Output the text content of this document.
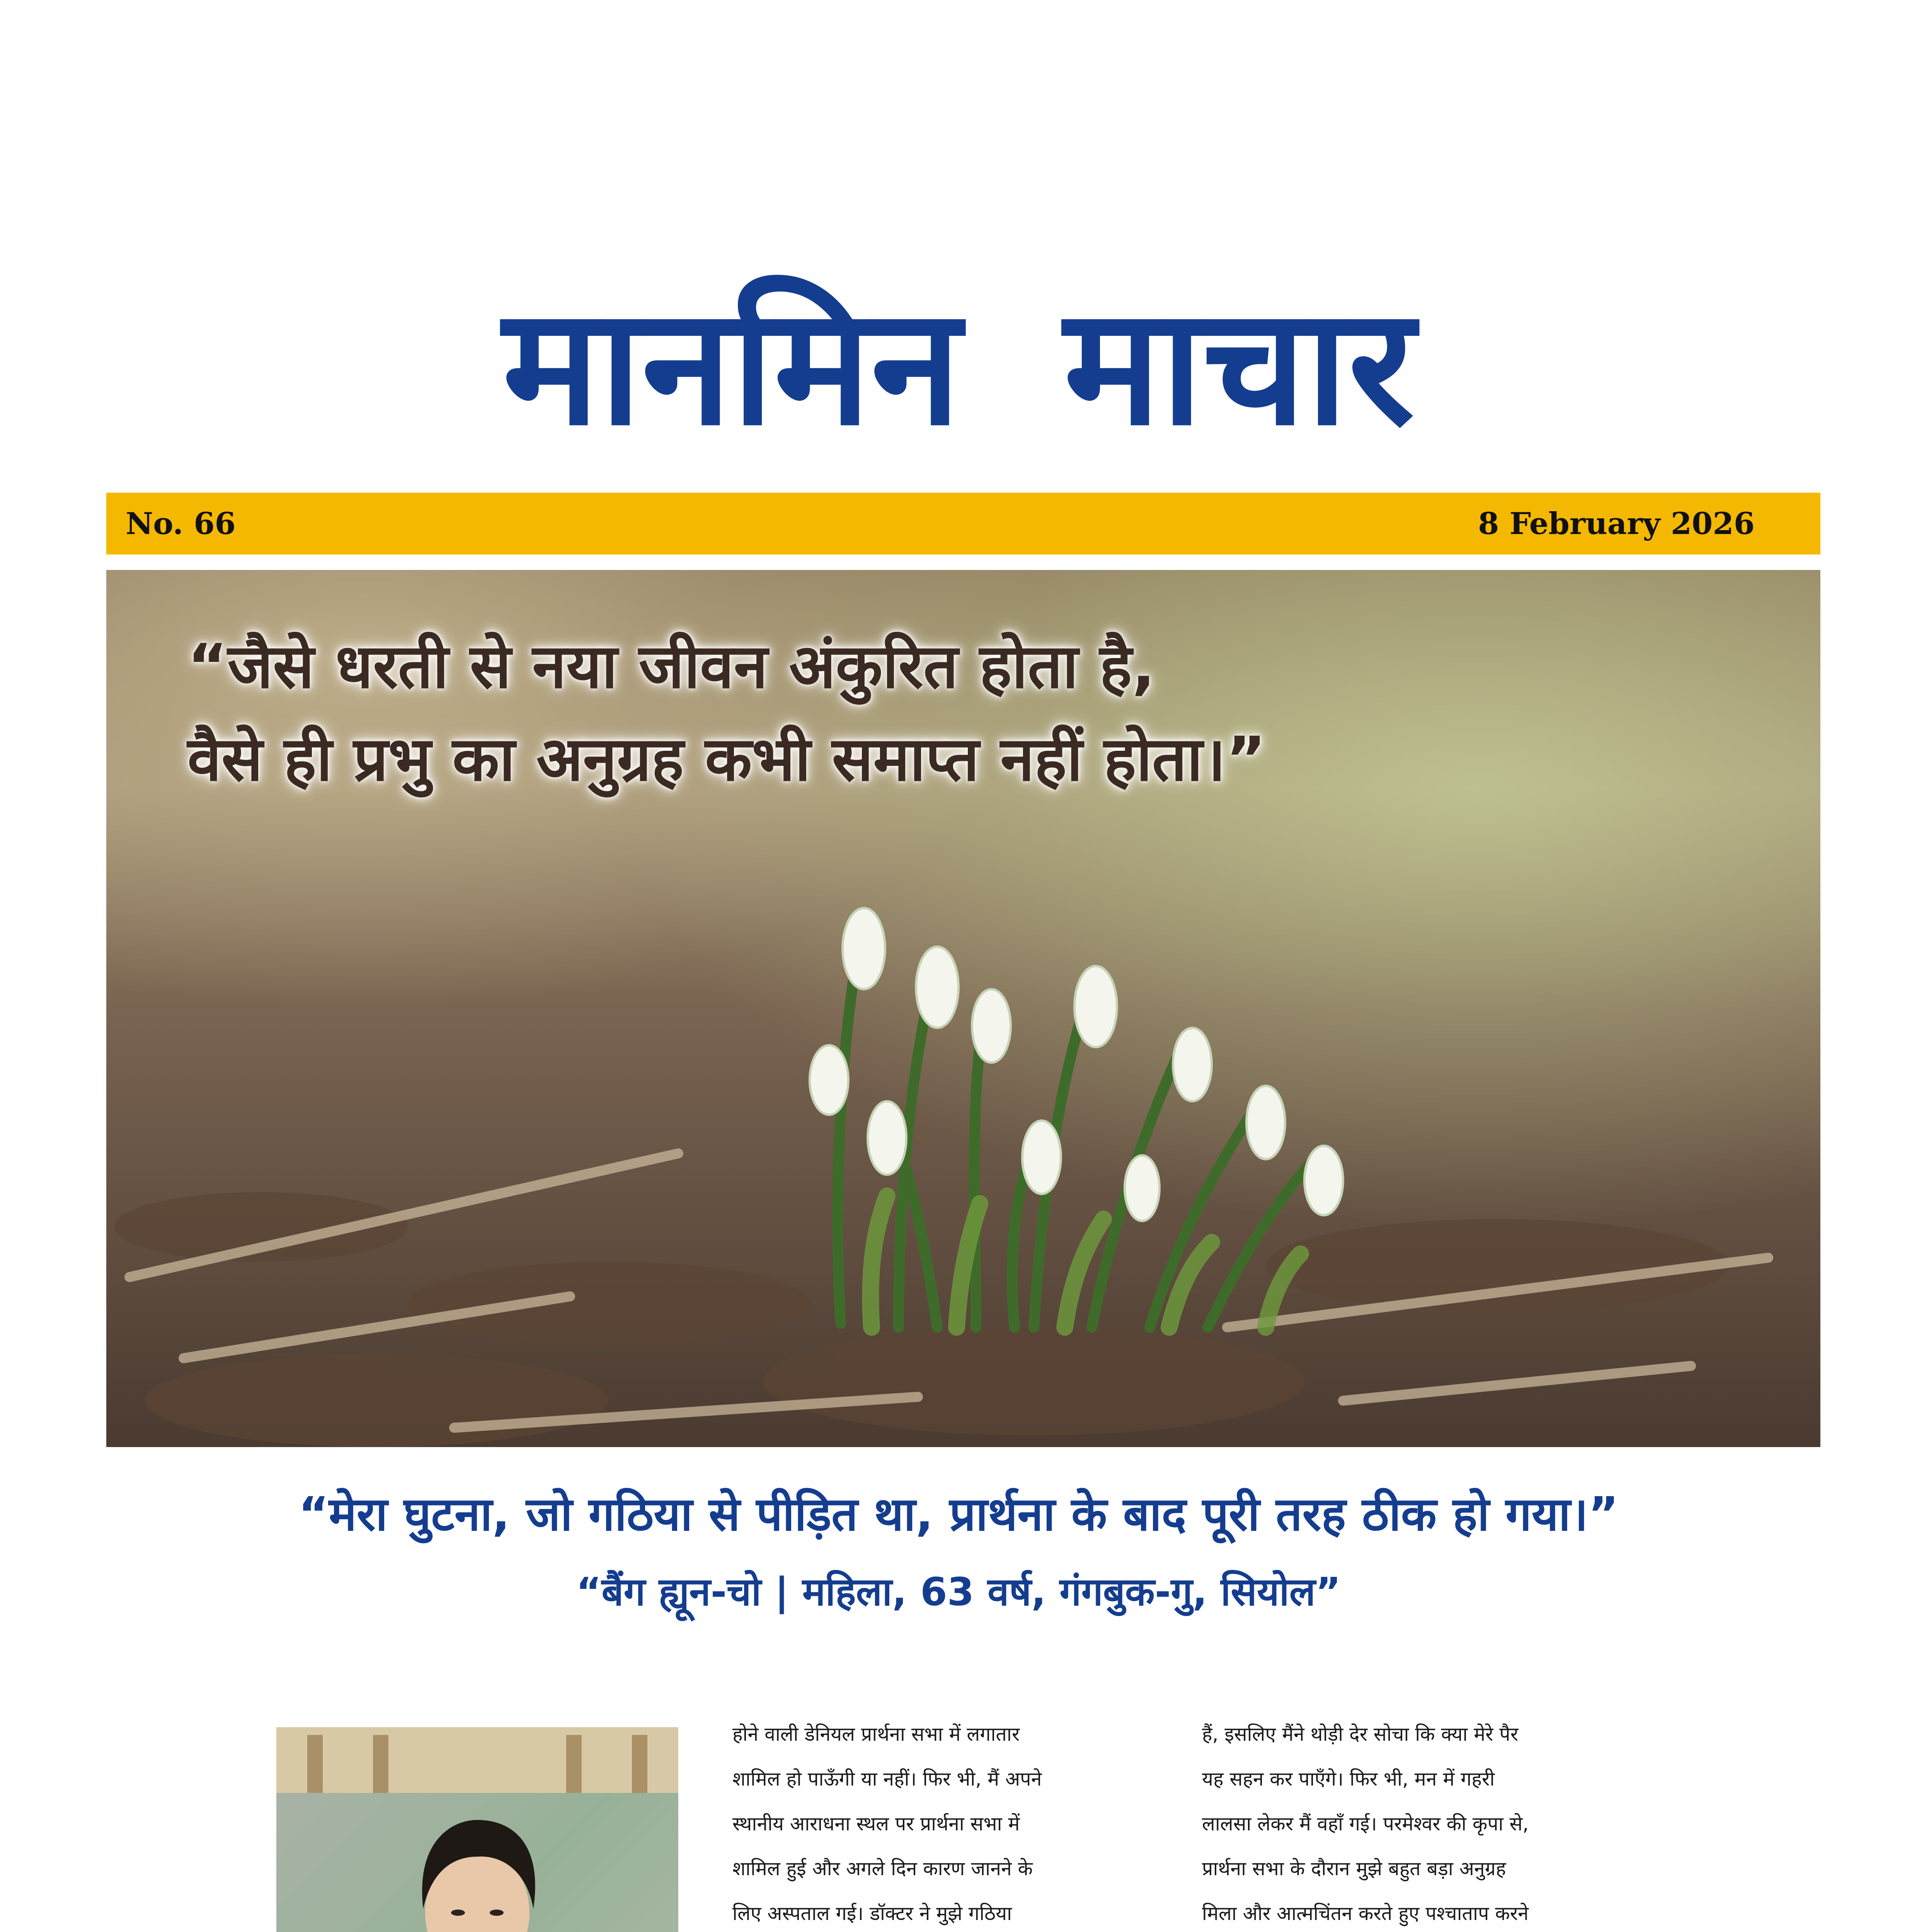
मानमिन माचार
No. 66	8 February 2026
“जैसे धरती से नया जीवन अंकुरित होता है,
वैसे ही प्रभु का अनुग्रह कभी समाप्त नहीं होता।”
“मेरा घुटना, जो गठिया से पीड़ित था, प्रार्थना के बाद पूरी तरह ठीक हो गया।”
“बैंग ह्यून-चो | महिला, 63 वर्ष, गंगबुक-गु, सियोल”
होने वाली डेनियल प्रार्थना सभा में लगातार
शामिल हो पाऊँगी या नहीं। फिर भी, मैं अपने
स्थानीय आराधना स्थल पर प्रार्थना सभा में
शामिल हुई और अगले दिन कारण जानने के
लिए अस्पताल गई। डॉक्टर ने मुझे गठिया

हैं, इसलिए मैंने थोड़ी देर सोचा कि क्या मेरे पैर
यह सहन कर पाएँगे। फिर भी, मन में गहरी
लालसा लेकर मैं वहाँ गई। परमेश्वर की कृपा से,
प्रार्थना सभा के दौरान मुझे बहुत बड़ा अनुग्रह
मिला और आत्मचिंतन करते हुए पश्चाताप करने
